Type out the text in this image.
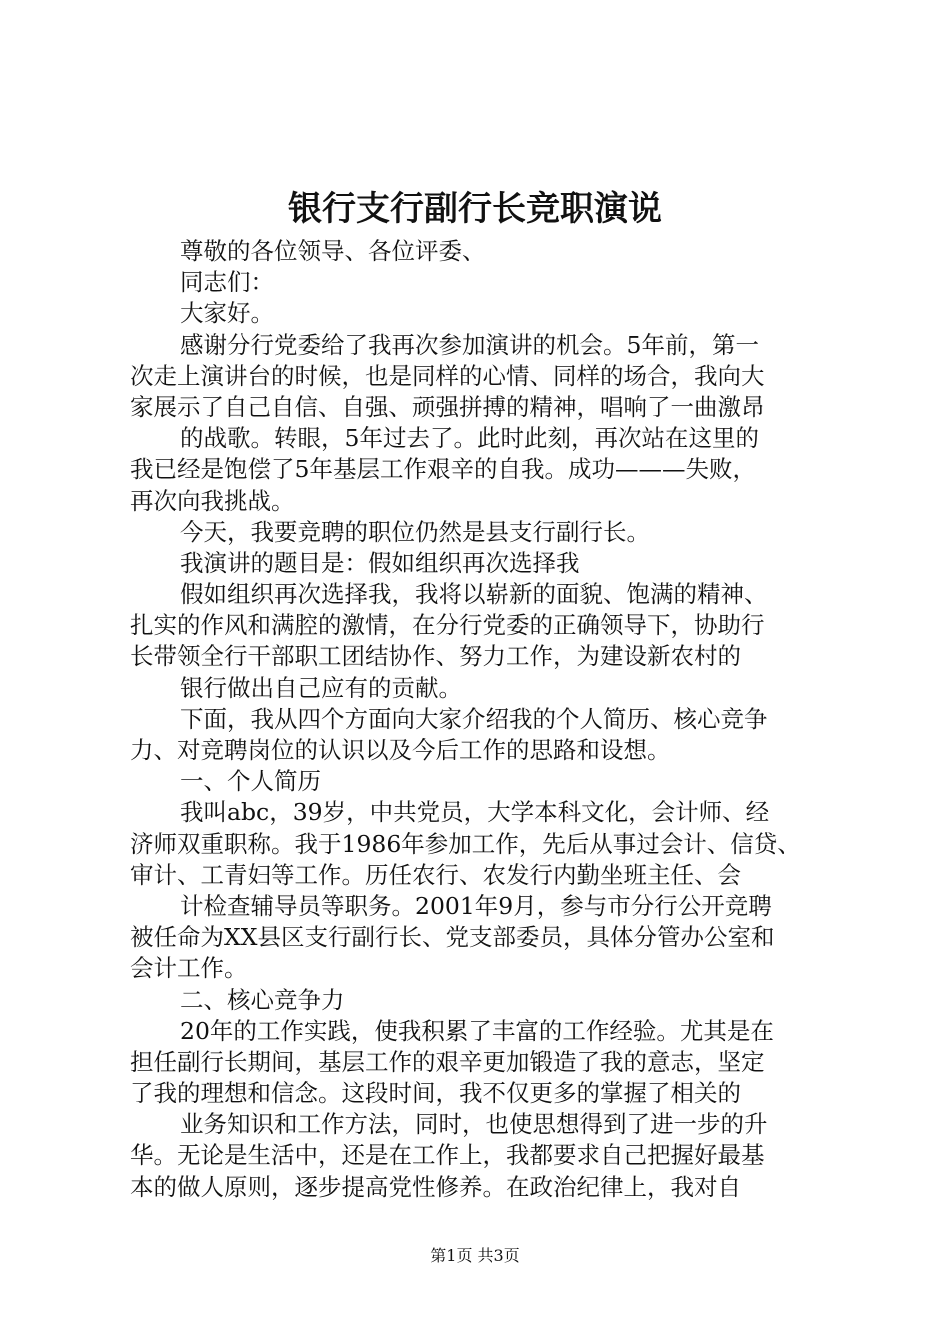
银行支行副行长竞职演说
尊敬的各位领导、各位评委、
同志们：
大家好。
感谢分行党委给了我再次参加演讲的机会。5年前，第一
次走上演讲台的时候，也是同样的心情、同样的场合，我向大
家展示了自己自信、自强、顽强拼搏的精神，唱响了一曲激昂
的战歌。转眼，5年过去了。此时此刻，再次站在这里的
我已经是饱偿了5年基层工作艰辛的自我。成功———失败，
再次向我挑战。
今天，我要竞聘的职位仍然是县支行副行长。
我演讲的题目是：假如组织再次选择我
假如组织再次选择我，我将以崭新的面貌、饱满的精神、
扎实的作风和满腔的激情，在分行党委的正确领导下，协助行
长带领全行干部职工团结协作、努力工作，为建设新农村的
银行做出自己应有的贡献。
下面，我从四个方面向大家介绍我的个人简历、核心竞争
力、对竞聘岗位的认识以及今后工作的思路和设想。
一、个人简历
我叫abc，39岁，中共党员，大学本科文化，会计师、经
济师双重职称。我于1986年参加工作，先后从事过会计、信贷、
审计、工青妇等工作。历任农行、农发行内勤坐班主任、会
计检查辅导员等职务。2001年9月，参与市分行公开竞聘
被任命为XX县区支行副行长、党支部委员，具体分管办公室和
会计工作。
二、核心竞争力
20年的工作实践，使我积累了丰富的工作经验。尤其是在
担任副行长期间，基层工作的艰辛更加锻造了我的意志，坚定
了我的理想和信念。这段时间，我不仅更多的掌握了相关的
业务知识和工作方法，同时，也使思想得到了进一步的升
华。无论是生活中，还是在工作上，我都要求自己把握好最基
本的做人原则，逐步提高党性修养。在政治纪律上，我对自
第1页 共3页
